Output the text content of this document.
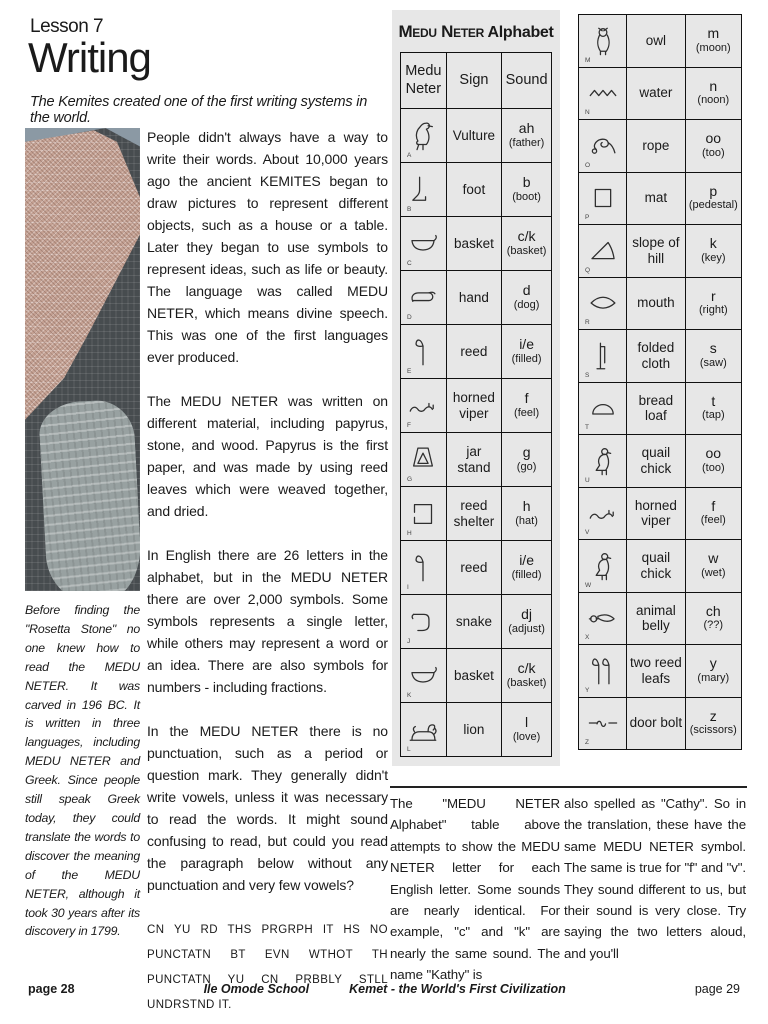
Lesson 7
Writing
The Kemites created one of the first writing systems in the world.
Before finding the "Rosetta Stone" no one knew how to read the MEDU NETER. It was carved in 196 BC. It is written in three languages, including MEDU NETER and Greek. Since people still speak Greek today, they could translate the words to discover the meaning of the MEDU NETER, although it took 30 years after its discovery in 1799.
People didn't always have a way to write their words. About 10,000 years ago the ancient KEMITES began to draw pictures to represent different objects, such as a house or a table. Later they began to use symbols to represent ideas, such as life or beauty. The language was called MEDU NETER, which means divine speech. This was one of the first languages ever produced.
The MEDU NETER was written on different material, including papyrus, stone, and wood. Papyrus is the first paper, and was made by using reed leaves which were weaved together, and dried.
In English there are 26 letters in the alphabet, but in the MEDU NETER there are over 2,000 symbols. Some symbols represents a single letter, while others may represent a word or an idea. There are also symbols for numbers - including fractions.
In the MEDU NETER there is no punctuation, such as a period or question mark. They generally didn't write vowels, unless it was necessary to read the words. It might sound confusing to read, but could you read the paragraph below without any punctuation and very few vowels?
CN YU RD THS PRGRPH IT HS NO PUNCTATN BT EVN WTHOT TH PUNCTATN YU CN PRBBLY STLL UNDRSTND IT.
Medu Neter Alphabet
Medu Neter	Sign	Sound

A	Vulture	ah
(father)

B	foot	b
(boot)

C	basket	c/k
(basket)

D	hand	d
(dog)

E	reed	i/e
(filled)

F	horned viper	f
(feel)

G	jar stand	g
(go)

H	reed shelter	h
(hat)

I	reed	i/e
(filled)

J	snake	dj
(adjust)

K	basket	c/k
(basket)

L	lion	l
(love)
M	owl	m
(moon)

N	water	n
(noon)

O	rope	oo
(too)

P	mat	p
(pedestal)

Q	slope of hill	k
(key)

R	mouth	r
(right)

S	folded cloth	s
(saw)

T	bread loaf	t
(tap)

U	quail chick	oo
(too)

V	horned viper	f
(feel)

W	quail chick	w
(wet)

X	animal belly	ch
(??)

Y	two reed leafs	y
(mary)

Z	door bolt	z
(scissors)
The "MEDU NETER Alphabet" table above attempts to show the MEDU NETER letter for each English letter. Some sounds are nearly identical. For example, "c" and "k" are nearly the same sound. The name "Kathy" is
also spelled as "Cathy". So in the translation, these have the same MEDU NETER symbol. The same is true for "f" and "v". They sound different to us, but their sound is very close. Try saying the two letters aloud, and you'll
page 28	Ile Omode School	Kemet - the World's First Civilization	page 29
